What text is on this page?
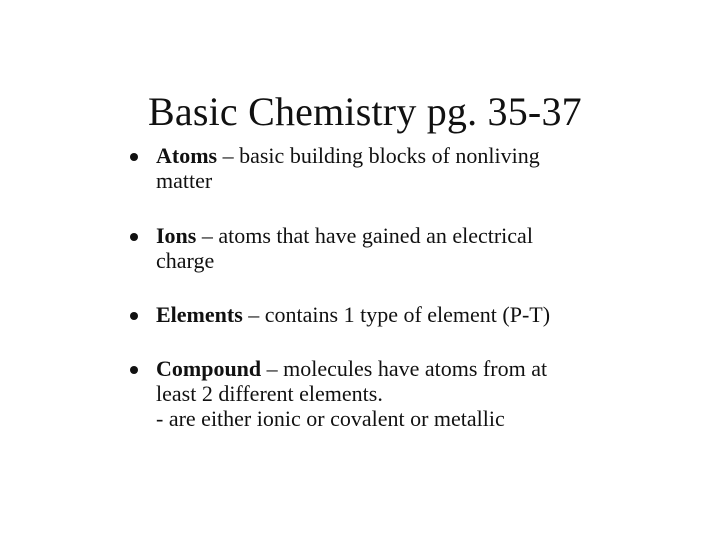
Basic Chemistry pg. 35-37
Atoms – basic building blocks of nonliving
matter
Ions – atoms that have gained an electrical
charge
Elements – contains 1 type of element (P-T)
Compound – molecules have atoms from at
least 2 different elements.
- are either ionic or covalent or metallic
